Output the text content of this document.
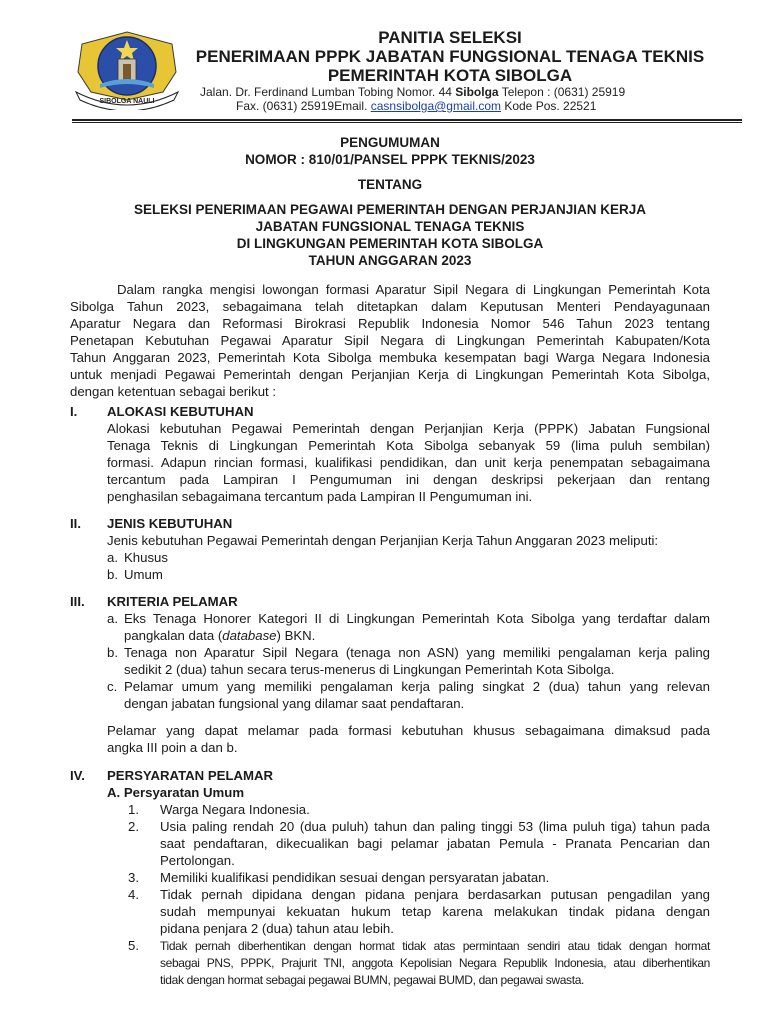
SIBOLGA NAULI
PANITIA SELEKSI
PENERIMAAN PPPK JABATAN FUNGSIONAL TENAGA TEKNIS
PEMERINTAH KOTA SIBOLGA
Jalan. Dr. Ferdinand Lumban Tobing Nomor. 44 Sibolga Telepon : (0631) 25919
Fax. (0631) 25919Email. casnsibolga@gmail.com Kode Pos. 22521
PENGUMUMAN
NOMOR : 810/01/PANSEL PPPK TEKNIS/2023
TENTANG
SELEKSI PENERIMAAN PEGAWAI PEMERINTAH DENGAN PERJANJIAN KERJA
JABATAN FUNGSIONAL TENAGA TEKNIS
DI LINGKUNGAN PEMERINTAH KOTA SIBOLGA
TAHUN ANGGARAN 2023
Dalam rangka mengisi lowongan formasi Aparatur Sipil Negara di Lingkungan Pemerintah Kota
Sibolga Tahun 2023, sebagaimana telah ditetapkan dalam Keputusan Menteri Pendayagunaan
Aparatur Negara dan Reformasi Birokrasi Republik Indonesia Nomor 546 Tahun 2023 tentang
Penetapan Kebutuhan Pegawai Aparatur Sipil Negara di Lingkungan Pemerintah Kabupaten/Kota
Tahun Anggaran 2023, Pemerintah Kota Sibolga membuka kesempatan bagi Warga Negara Indonesia
untuk menjadi Pegawai Pemerintah dengan Perjanjian Kerja di Lingkungan Pemerintah Kota Sibolga,
dengan ketentuan sebagai berikut :
I. ALOKASI KEBUTUHAN
Alokasi kebutuhan Pegawai Pemerintah dengan Perjanjian Kerja (PPPK) Jabatan Fungsional
Tenaga Teknis di Lingkungan Pemerintah Kota Sibolga sebanyak 59 (lima puluh sembilan)
formasi. Adapun rincian formasi, kualifikasi pendidikan, dan unit kerja penempatan sebagaimana
tercantum pada Lampiran I Pengumuman ini dengan deskripsi pekerjaan dan rentang
penghasilan sebagaimana tercantum pada Lampiran II Pengumuman ini.
II. JENIS KEBUTUHAN
Jenis kebutuhan Pegawai Pemerintah dengan Perjanjian Kerja Tahun Anggaran 2023 meliputi:
a. Khusus
b. Umum
III. KRITERIA PELAMAR
a. Eks Tenaga Honorer Kategori II di Lingkungan Pemerintah Kota Sibolga yang terdaftar dalam
pangkalan data (database) BKN.
b. Tenaga non Aparatur Sipil Negara (tenaga non ASN) yang memiliki pengalaman kerja paling
sedikit 2 (dua) tahun secara terus-menerus di Lingkungan Pemerintah Kota Sibolga.
c. Pelamar umum yang memiliki pengalaman kerja paling singkat 2 (dua) tahun yang relevan
dengan jabatan fungsional yang dilamar saat pendaftaran.
Pelamar yang dapat melamar pada formasi kebutuhan khusus sebagaimana dimaksud pada
angka III poin a dan b.
IV. PERSYARATAN PELAMAR
A. Persyaratan Umum
1. Warga Negara Indonesia.
2. Usia paling rendah 20 (dua puluh) tahun dan paling tinggi 53 (lima puluh tiga) tahun pada
saat pendaftaran, dikecualikan bagi pelamar jabatan Pemula - Pranata Pencarian dan
Pertolongan.
3. Memiliki kualifikasi pendidikan sesuai dengan persyaratan jabatan.
4. Tidak pernah dipidana dengan pidana penjara berdasarkan putusan pengadilan yang
sudah mempunyai kekuatan hukum tetap karena melakukan tindak pidana dengan
pidana penjara 2 (dua) tahun atau lebih.
5. Tidak pernah diberhentikan dengan hormat tidak atas permintaan sendiri atau tidak dengan hormat
sebagai PNS, PPPK, Prajurit TNI, anggota Kepolisian Negara Republik Indonesia, atau diberhentikan
tidak dengan hormat sebagai pegawai BUMN, pegawai BUMD, dan pegawai swasta.
